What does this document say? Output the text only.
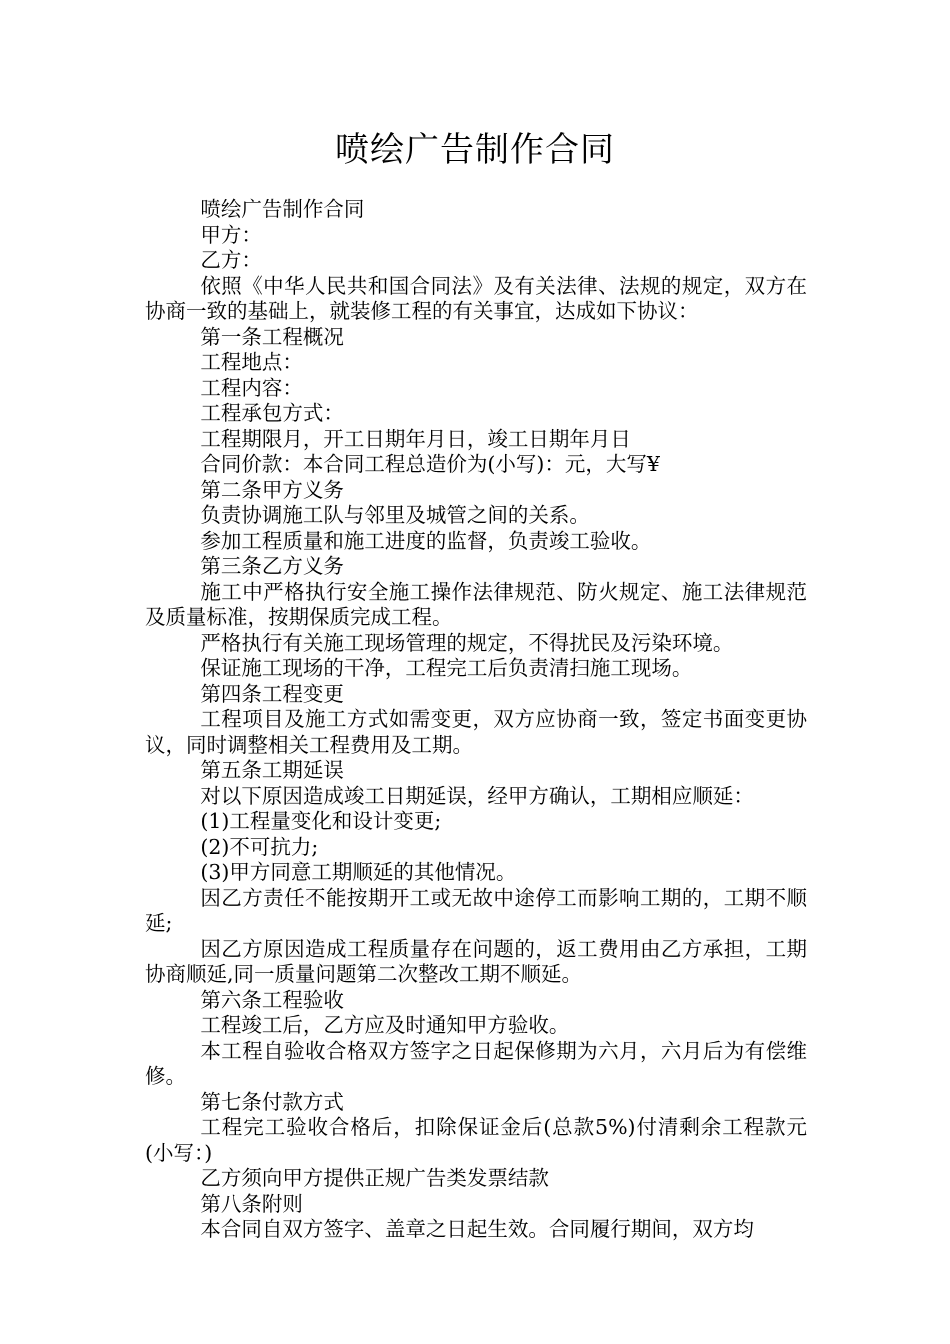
喷绘广告制作合同

喷绘广告制作合同

甲方：

乙方：

依照《中华人民共和国合同法》及有关法律、法规的规定，双方在协商一致的基础上，就装修工程的有关事宜，达成如下协议：

第一条工程概况

工程地点：

工程内容：

工程承包方式：

工程期限月，开工日期年月日，竣工日期年月日

合同价款：本合同工程总造价为(小写)：元，大写¥

第二条甲方义务

负责协调施工队与邻里及城管之间的关系。

参加工程质量和施工进度的监督，负责竣工验收。

第三条乙方义务

施工中严格执行安全施工操作法律规范、防火规定、施工法律规范及质量标准，按期保质完成工程。

严格执行有关施工现场管理的规定，不得扰民及污染环境。

保证施工现场的干净，工程完工后负责清扫施工现场。

第四条工程变更

工程项目及施工方式如需变更，双方应协商一致，签定书面变更协议，同时调整相关工程费用及工期。

第五条工期延误

对以下原因造成竣工日期延误，经甲方确认，工期相应顺延：

(1)工程量变化和设计变更;

(2)不可抗力;

(3)甲方同意工期顺延的其他情况。

因乙方责任不能按期开工或无故中途停工而影响工期的，工期不顺延;

因乙方原因造成工程质量存在问题的，返工费用由乙方承担，工期协商顺延,同一质量问题第二次整改工期不顺延。

第六条工程验收

工程竣工后，乙方应及时通知甲方验收。

本工程自验收合格双方签字之日起保修期为六月，六月后为有偿维修。

第七条付款方式

工程完工验收合格后，扣除保证金后(总款5%)付清剩余工程款元(小写：)

乙方须向甲方提供正规广告类发票结款

第八条附则

本合同自双方签字、盖章之日起生效。合同履行期间，双方均
